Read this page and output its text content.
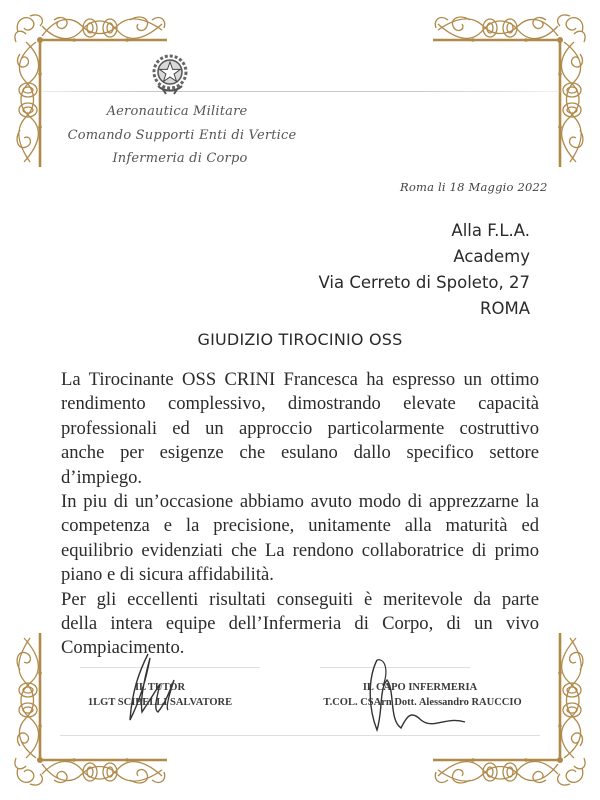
Aeronautica Militare
Comando Supporti Enti di Vertice
Infermeria di Corpo
Roma li 18 Maggio 2022
Alla F.L.A.
Academy
Via Cerreto di Spoleto, 27
ROMA
GIUDIZIO TIROCINIO OSS
La Tirocinante OSS CRINI Francesca ha espresso un ottimo
rendimento complessivo, dimostrando elevate capacità
professionali ed un approccio particolarmente costruttivo
anche per esigenze che esulano dallo specifico settore
d’impiego.
In piu di un’occasione abbiamo avuto modo di apprezzarne la
competenza e la precisione, unitamente alla maturità ed
equilibrio evidenziati che La rendono collaboratrice di primo
piano e di sicura affidabilità.
Per gli eccellenti risultati conseguiti è meritevole da parte
della intera equipe dell’Infermeria di Corpo, di un vivo
Compiacimento.
IL TUTOR
1LGT SCIBELLI SALVATORE
IL CAPO INFERMERIA
T.COL. CSArn Dott. Alessandro RAUCCIO
